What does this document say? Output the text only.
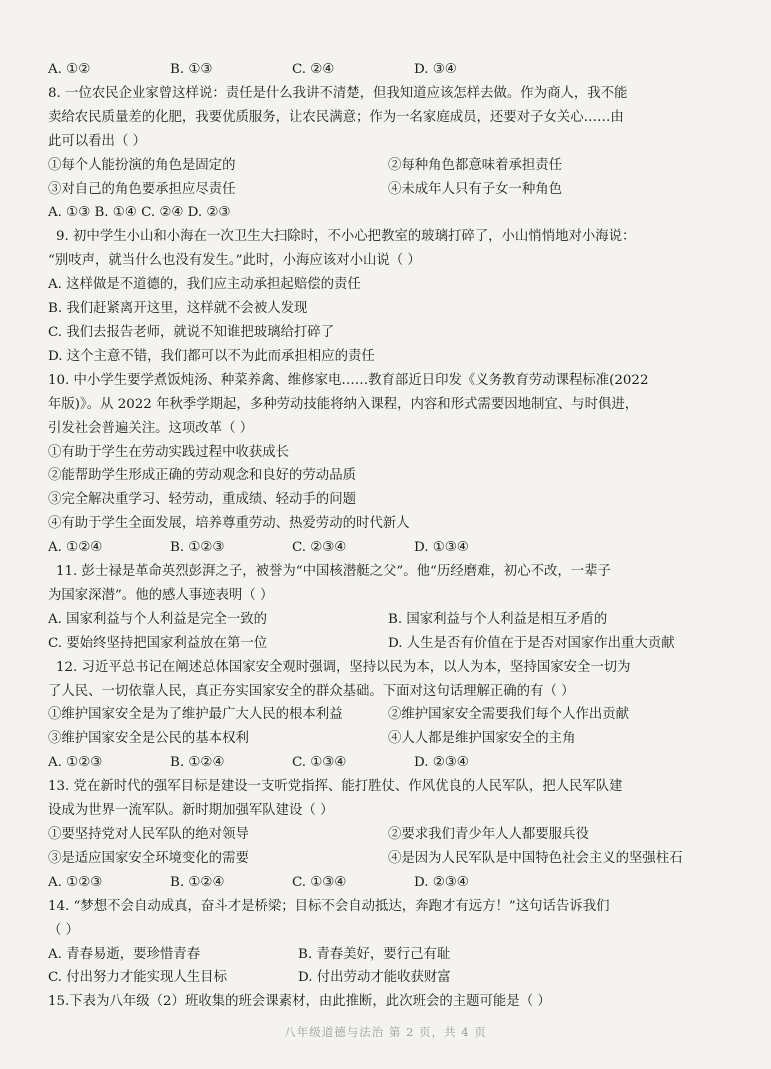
A. ①②	B. ①③	C. ②④	D. ③④
8. 一位农民企业家曾这样说：责任是什么我讲不清楚，但我知道应该怎样去做。作为商人，我不能
卖给农民质量差的化肥，我要优质服务，让农民满意；作为一名家庭成员，还要对子女关心……由
此可以看出（ ）
①每个人能扮演的角色是固定的	②每种角色都意味着承担责任
③对自己的角色要承担应尽责任	④未成年人只有子女一种角色
A. ①③ B. ①④ C. ②④ D. ②③
9. 初中学生小山和小海在一次卫生大扫除时，不小心把教室的玻璃打碎了，小山悄悄地对小海说：
“别吱声，就当什么也没有发生。”此时，小海应该对小山说（ ）
A. 这样做是不道德的，我们应主动承担起赔偿的责任
B. 我们赶紧离开这里，这样就不会被人发现
C. 我们去报告老师，就说不知谁把玻璃给打碎了
D. 这个主意不错，我们都可以不为此而承担相应的责任
10. 中小学生要学煮饭炖汤、种菜养禽、维修家电……教育部近日印发《义务教育劳动课程标准(2022
年版)》。从 2022 年秋季学期起，多种劳动技能将纳入课程，内容和形式需要因地制宜、与时俱进，
引发社会普遍关注。这项改革（ ）
①有助于学生在劳动实践过程中收获成长
②能帮助学生形成正确的劳动观念和良好的劳动品质
③完全解决重学习、轻劳动，重成绩、轻动手的问题
④有助于学生全面发展，培养尊重劳动、热爱劳动的时代新人
A. ①②④	B. ①②③	C. ②③④	D. ①③④
11. 彭士禄是革命英烈彭湃之子，被誉为“中国核潜艇之父”。他“历经磨难，初心不改，一辈子
为国家深潜”。他的感人事迹表明（ ）
A. 国家利益与个人利益是完全一致的	B. 国家利益与个人利益是相互矛盾的
C. 要始终坚持把国家利益放在第一位	D. 人生是否有价值在于是否对国家作出重大贡献
12. 习近平总书记在阐述总体国家安全观时强调，坚持以民为本，以人为本，坚持国家安全一切为
了人民、一切依靠人民，真正夯实国家安全的群众基础。下面对这句话理解正确的有（ ）
①维护国家安全是为了维护最广大人民的根本利益	②维护国家安全需要我们每个人作出贡献
③维护国家安全是公民的基本权利	④人人都是维护国家安全的主角
A. ①②③	B. ①②④	C. ①③④	D. ②③④
13. 党在新时代的强军目标是建设一支听党指挥、能打胜仗、作风优良的人民军队，把人民军队建
设成为世界一流军队。新时期加强军队建设（ ）
①要坚持党对人民军队的绝对领导	②要求我们青少年人人都要服兵役
③是适应国家安全环境变化的需要	④是因为人民军队是中国特色社会主义的坚强柱石
A. ①②③	B. ①②④	C. ①③④	D. ②③④
14. “梦想不会自动成真，奋斗才是桥梁；目标不会自动抵达，奔跑才有远方！”这句话告诉我们
（ ）
A. 青春易逝，要珍惜青春	B. 青春美好，要行己有耻
C. 付出努力才能实现人生目标	D. 付出劳动才能收获财富
15.下表为八年级（2）班收集的班会课素材，由此推断，此次班会的主题可能是（ ）
八年级道德与法治 第 2 页，共 4 页
